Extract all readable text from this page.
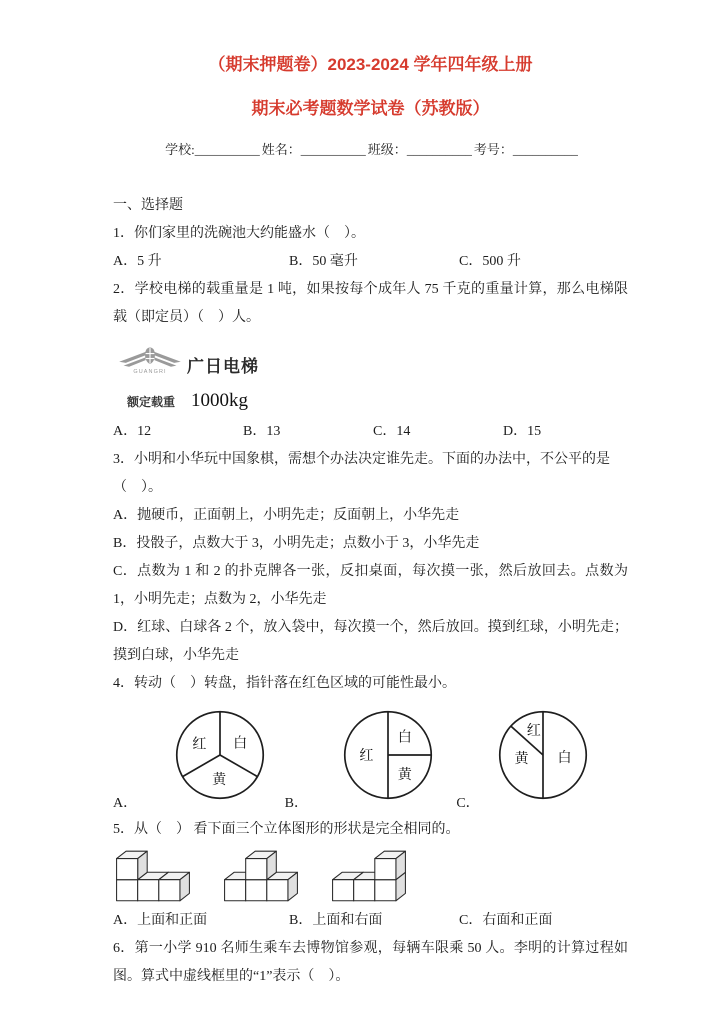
（期末押题卷）2023-2024 学年四年级上册
期末必考题数学试卷（苏教版）
学校:__________ 姓名：__________ 班级：__________ 考号：__________
一、选择题
1．你们家里的洗碗池大约能盛水（　）。
A．5 升	B．50 毫升	C．500 升
2．学校电梯的载重量是 1 吨，如果按每个成年人 75 千克的重量计算，那么电梯限载（即定员）（　）人。
GUANGRI 广日电梯
额定载重 1000kg
A．12	B．13	C．14	D．15
3．小明和小华玩中国象棋，需想个办法决定谁先走。下面的办法中，不公平的是（　）。
A．抛硬币，正面朝上，小明先走；反面朝上，小华先走
B．投骰子，点数大于 3，小明先走；点数小于 3，小华先走
C．点数为 1 和 2 的扑克牌各一张，反扣桌面，每次摸一张，然后放回去。点数为 1，小明先走；点数为 2，小华先走
D．红球、白球各 2 个，放入袋中，每次摸一个，然后放回。摸到红球，小明先走；摸到白球，小华先走
4．转动（　）转盘，指针落在红色区域的可能性最小。
红 白
黄
A．
红
白
黄
B．
红
黄 白
C．
5．从（　） 看下面三个立体图形的形状是完全相同的。
A．上面和正面	B．上面和右面	C．右面和正面
6．第一小学 910 名师生乘车去博物馆参观，每辆车限乘 50 人。李明的计算过程如图。算式中虚线框里的“1”表示（　）。
